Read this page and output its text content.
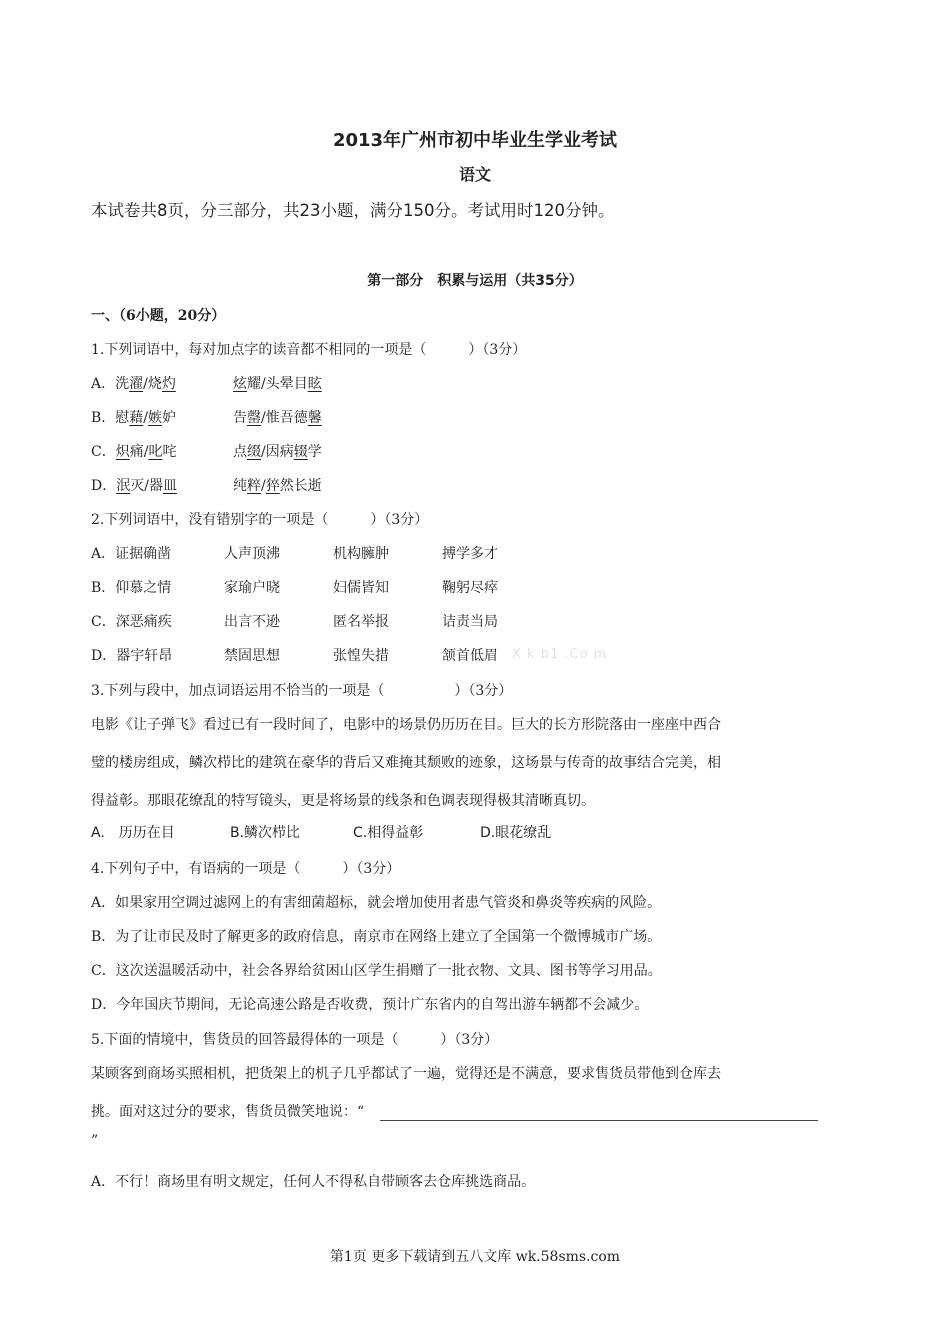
2013年广州市初中毕业生学业考试
语文
本试卷共8页，分三部分，共23小题，满分150分。考试用时120分钟。
第一部分　积累与运用（共35分）
一、（6小题，20分）
1.下列词语中，每对加点字的读音都不相同的一项是（　　　）（3分）
A．洗濯/烧灼	炫耀/头晕目眩
B．慰藉/嫉妒	告罄/惟吾德馨
C．炽痛/叱咤	点缀/因病辍学
D．泯灭/器皿	纯粹/猝然长逝
2.下列词语中，没有错别字的一项是（　　　）（3分）
A．证据确凿	人声顶沸	机构臃肿	搏学多才
B．仰慕之情	家瑜户晓	妇儒皆知	鞠躬尽瘁
C．深恶痛疾	出言不逊	匿名举报	诘责当局
D．器宇轩昂	禁固思想	张惶失措	颔首低眉 X k b1 .Co m
3.下列与段中，加点词语运用不恰当的一项是（　　　　　）（3分）
电影《让子弹飞》看过已有一段时间了，电影中的场景仍历历在目。巨大的长方形院落由一座座中西合
璧的楼房组成，鳞次栉比的建筑在豪华的背后又难掩其颓败的迹象，这场景与传奇的故事结合完美，相
得益彰。那眼花缭乱的特写镜头，更是将场景的线条和色调表现得极其清晰真切。
A.　历历在目	B.鳞次栉比	C.相得益彰	D.眼花缭乱
4.下列句子中，有语病的一项是（　　　）（3分）
A．如果家用空调过滤网上的有害细菌超标，就会增加使用者患气管炎和鼻炎等疾病的风险。
B．为了让市民及时了解更多的政府信息，南京市在网络上建立了全国第一个微博城市广场。
C．这次送温暖活动中，社会各界给贫困山区学生捐赠了一批衣物、文具、图书等学习用品。
D．今年国庆节期间，无论高速公路是否收费，预计广东省内的自驾出游车辆都不会减少。
5.下面的情境中，售货员的回答最得体的一项是（　　　）（3分）
某顾客到商场买照相机，把货架上的机子几乎都试了一遍，觉得还是不满意，要求售货员带他到仓库去
挑。面对这过分的要求，售货员微笑地说：“
”
A．不行！商场里有明文规定，任何人不得私自带顾客去仓库挑选商品。
第1页 更多下载请到五八文库 wk.58sms.com
